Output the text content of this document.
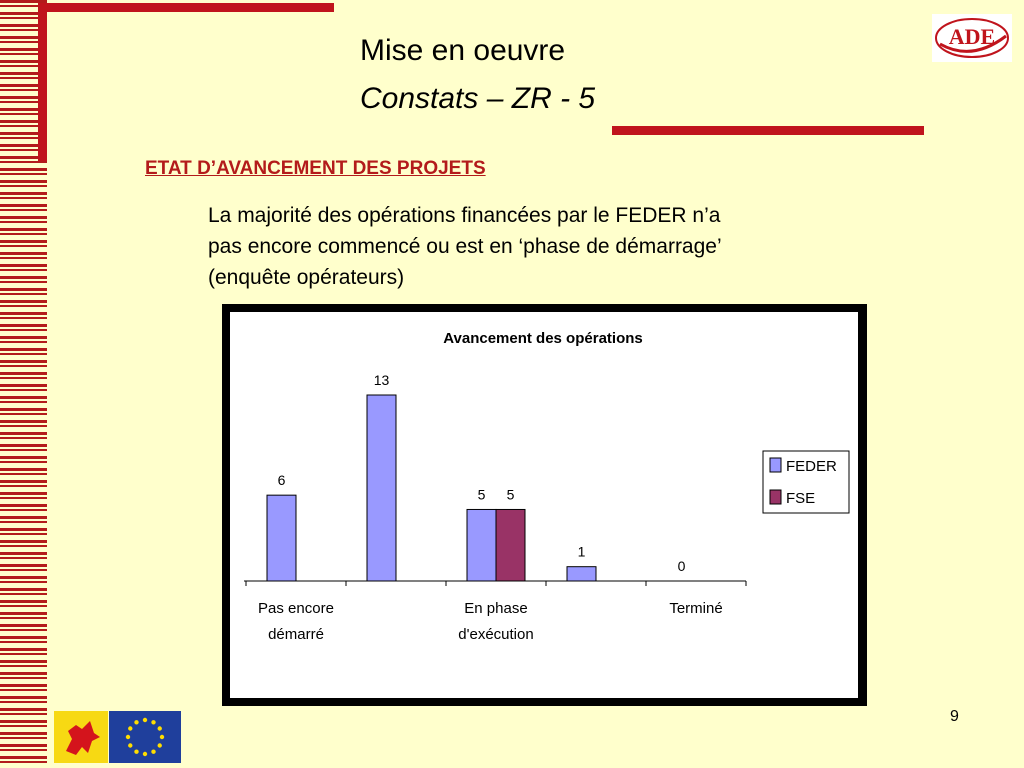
Mise en oeuvre
Constats – ZR - 5
ADE
ETAT D’AVANCEMENT DES PROJETS
La majorité des opérations financées par le FEDER n’a
pas encore commencé ou est en ‘phase de démarrage’
(enquête opérateurs)
Avancement des opérations
6
13
5 5
1
0
Pas encore
démarré
En phase
d'exécution
Terminé
FEDER
FSE
9
